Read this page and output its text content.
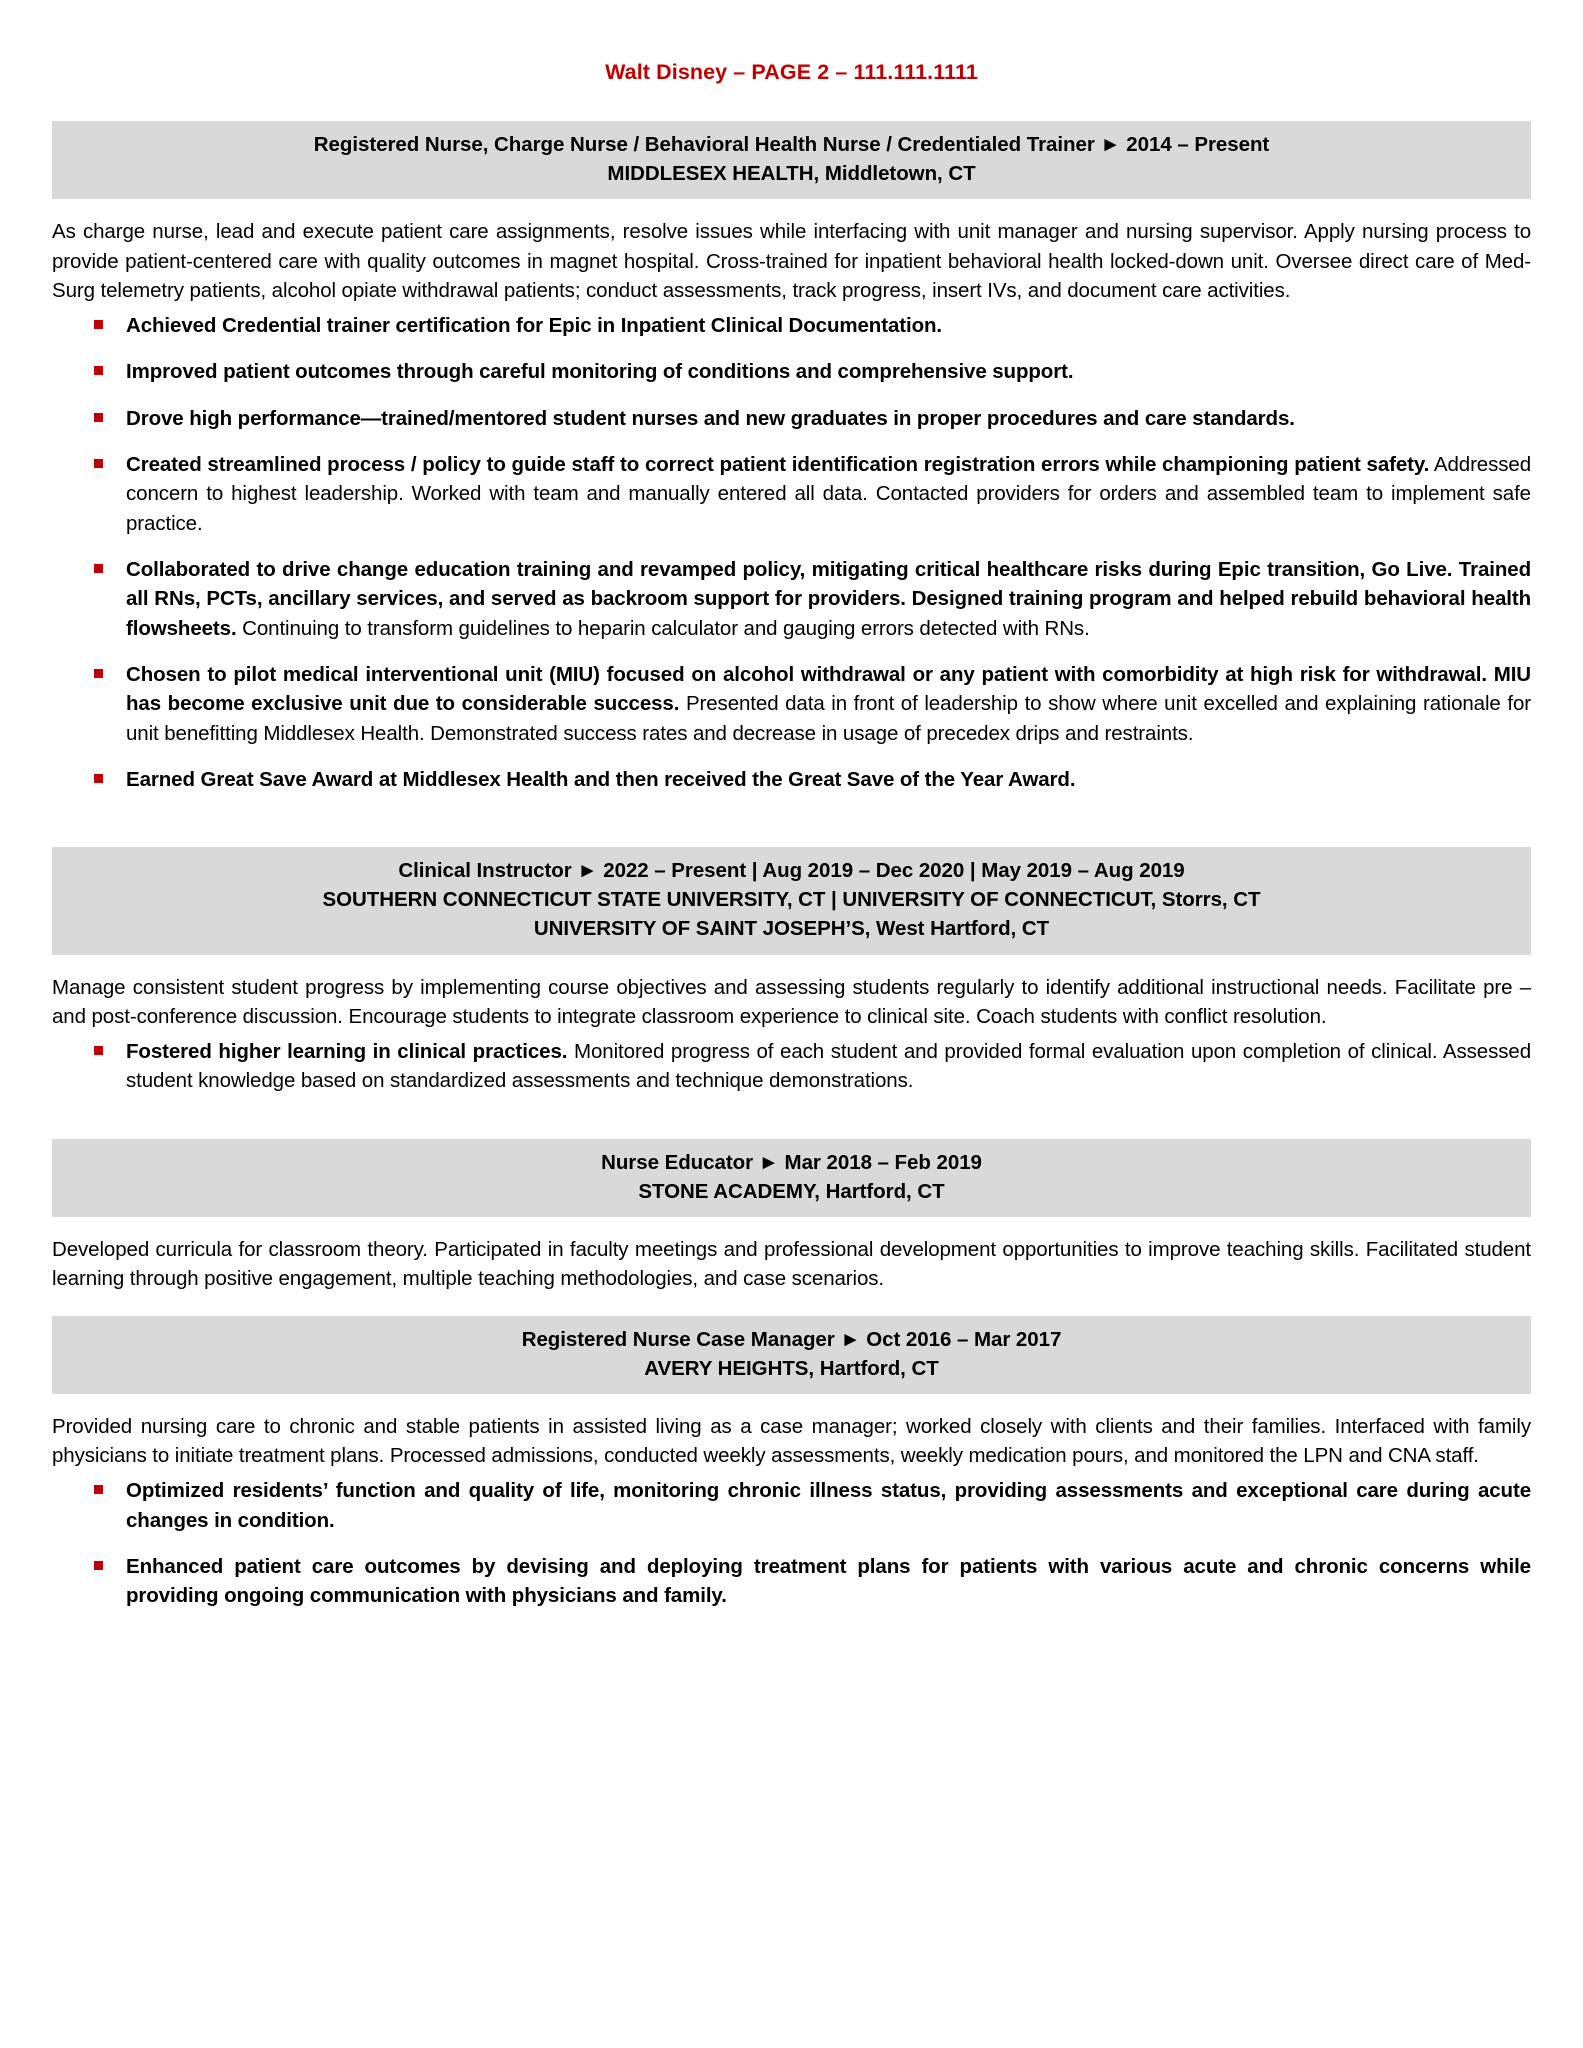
Walt Disney – PAGE 2 – 111.111.1111
Registered Nurse, Charge Nurse / Behavioral Health Nurse / Credentialed Trainer ► 2014 – Present
MIDDLESEX HEALTH, Middletown, CT
As charge nurse, lead and execute patient care assignments, resolve issues while interfacing with unit manager and nursing supervisor. Apply nursing process to provide patient-centered care with quality outcomes in magnet hospital. Cross-trained for inpatient behavioral health locked-down unit. Oversee direct care of Med-Surg telemetry patients, alcohol opiate withdrawal patients; conduct assessments, track progress, insert IVs, and document care activities.
Achieved Credential trainer certification for Epic in Inpatient Clinical Documentation.
Improved patient outcomes through careful monitoring of conditions and comprehensive support.
Drove high performance—trained/mentored student nurses and new graduates in proper procedures and care standards.
Created streamlined process / policy to guide staff to correct patient identification registration errors while championing patient safety. Addressed concern to highest leadership. Worked with team and manually entered all data. Contacted providers for orders and assembled team to implement safe practice.
Collaborated to drive change education training and revamped policy, mitigating critical healthcare risks during Epic transition, Go Live. Trained all RNs, PCTs, ancillary services, and served as backroom support for providers. Designed training program and helped rebuild behavioral health flowsheets. Continuing to transform guidelines to heparin calculator and gauging errors detected with RNs.
Chosen to pilot medical interventional unit (MIU) focused on alcohol withdrawal or any patient with comorbidity at high risk for withdrawal. MIU has become exclusive unit due to considerable success. Presented data in front of leadership to show where unit excelled and explaining rationale for unit benefitting Middlesex Health. Demonstrated success rates and decrease in usage of precedex drips and restraints.
Earned Great Save Award at Middlesex Health and then received the Great Save of the Year Award.
Clinical Instructor ► 2022 – Present | Aug 2019 – Dec 2020 | May 2019 – Aug 2019
SOUTHERN CONNECTICUT STATE UNIVERSITY, CT | UNIVERSITY OF CONNECTICUT, Storrs, CT
UNIVERSITY OF SAINT JOSEPH’S, West Hartford, CT
Manage consistent student progress by implementing course objectives and assessing students regularly to identify additional instructional needs. Facilitate pre – and post-conference discussion. Encourage students to integrate classroom experience to clinical site. Coach students with conflict resolution.
Fostered higher learning in clinical practices. Monitored progress of each student and provided formal evaluation upon completion of clinical. Assessed student knowledge based on standardized assessments and technique demonstrations.
Nurse Educator ► Mar 2018 – Feb 2019
STONE ACADEMY, Hartford, CT
Developed curricula for classroom theory. Participated in faculty meetings and professional development opportunities to improve teaching skills. Facilitated student learning through positive engagement, multiple teaching methodologies, and case scenarios.
Registered Nurse Case Manager ► Oct 2016 – Mar 2017
AVERY HEIGHTS, Hartford, CT
Provided nursing care to chronic and stable patients in assisted living as a case manager; worked closely with clients and their families. Interfaced with family physicians to initiate treatment plans. Processed admissions, conducted weekly assessments, weekly medication pours, and monitored the LPN and CNA staff.
Optimized residents’ function and quality of life, monitoring chronic illness status, providing assessments and exceptional care during acute changes in condition.
Enhanced patient care outcomes by devising and deploying treatment plans for patients with various acute and chronic concerns while providing ongoing communication with physicians and family.
